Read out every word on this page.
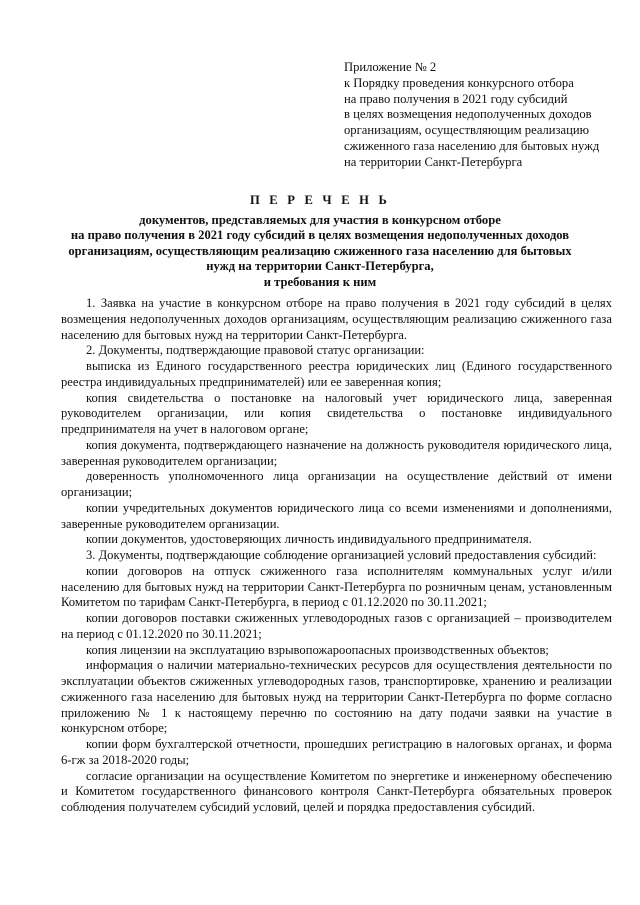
Приложение № 2
к Порядку проведения конкурсного отбора
на право получения в 2021 году субсидий
в целях возмещения недополученных доходов
организациям, осуществляющим реализацию
сжиженного газа населению для бытовых нужд
на территории Санкт-Петербурга
П Е Р Е Ч Е Н Ь
документов, представляемых для участия в конкурсном отборе
на право получения в 2021 году субсидий в целях возмещения недополученных доходов
организациям, осуществляющим реализацию сжиженного газа населению для бытовых
нужд на территории Санкт-Петербурга,
и требования к ним

1. Заявка на участие в конкурсном отборе на право получения в 2021 году субсидий в целях возмещения недополученных доходов организациям, осуществляющим реализацию сжиженного газа населению для бытовых нужд на территории Санкт-Петербурга.

2. Документы, подтверждающие правовой статус организации:

выписка из Единого государственного реестра юридических лиц (Единого государственного реестра индивидуальных предпринимателей) или ее заверенная копия;

копия свидетельства о постановке на налоговый учет юридического лица, заверенная руководителем организации, или копия свидетельства о постановке индивидуального предпринимателя на учет в налоговом органе;

копия документа, подтверждающего назначение на должность руководителя юридического лица, заверенная руководителем организации;

доверенность уполномоченного лица организации на осуществление действий от имени организации;

копии учредительных документов юридического лица со всеми изменениями и дополнениями, заверенные руководителем организации.

копии документов, удостоверяющих личность индивидуального предпринимателя.

3. Документы, подтверждающие соблюдение организацией условий предоставления субсидий:

копии договоров на отпуск сжиженного газа исполнителям коммунальных услуг и/или населению для бытовых нужд на территории Санкт-Петербурга по розничным ценам, установленным Комитетом по тарифам Санкт-Петербурга, в период с 01.12.2020 по 30.11.2021;

копии договоров поставки сжиженных углеводородных газов с организацией – производителем на период с 01.12.2020 по 30.11.2021;

копия лицензии на эксплуатацию взрывопожароопасных производственных объектов;

информация о наличии материально-технических ресурсов для осуществления деятельности по эксплуатации объектов сжиженных углеводородных газов, транспортировке, хранению и реализации сжиженного газа населению для бытовых нужд на территории Санкт-Петербурга по форме согласно приложению № 1 к настоящему перечню по состоянию на дату подачи заявки на участие в конкурсном отборе;

копии форм бухгалтерской отчетности, прошедших регистрацию в налоговых органах, и форма 6-гж за 2018-2020 годы;

согласие организации на осуществление Комитетом по энергетике и инженерному обеспечению и Комитетом государственного финансового контроля Санкт-Петербурга обязательных проверок соблюдения получателем субсидий условий, целей и порядка предоставления субсидий.
